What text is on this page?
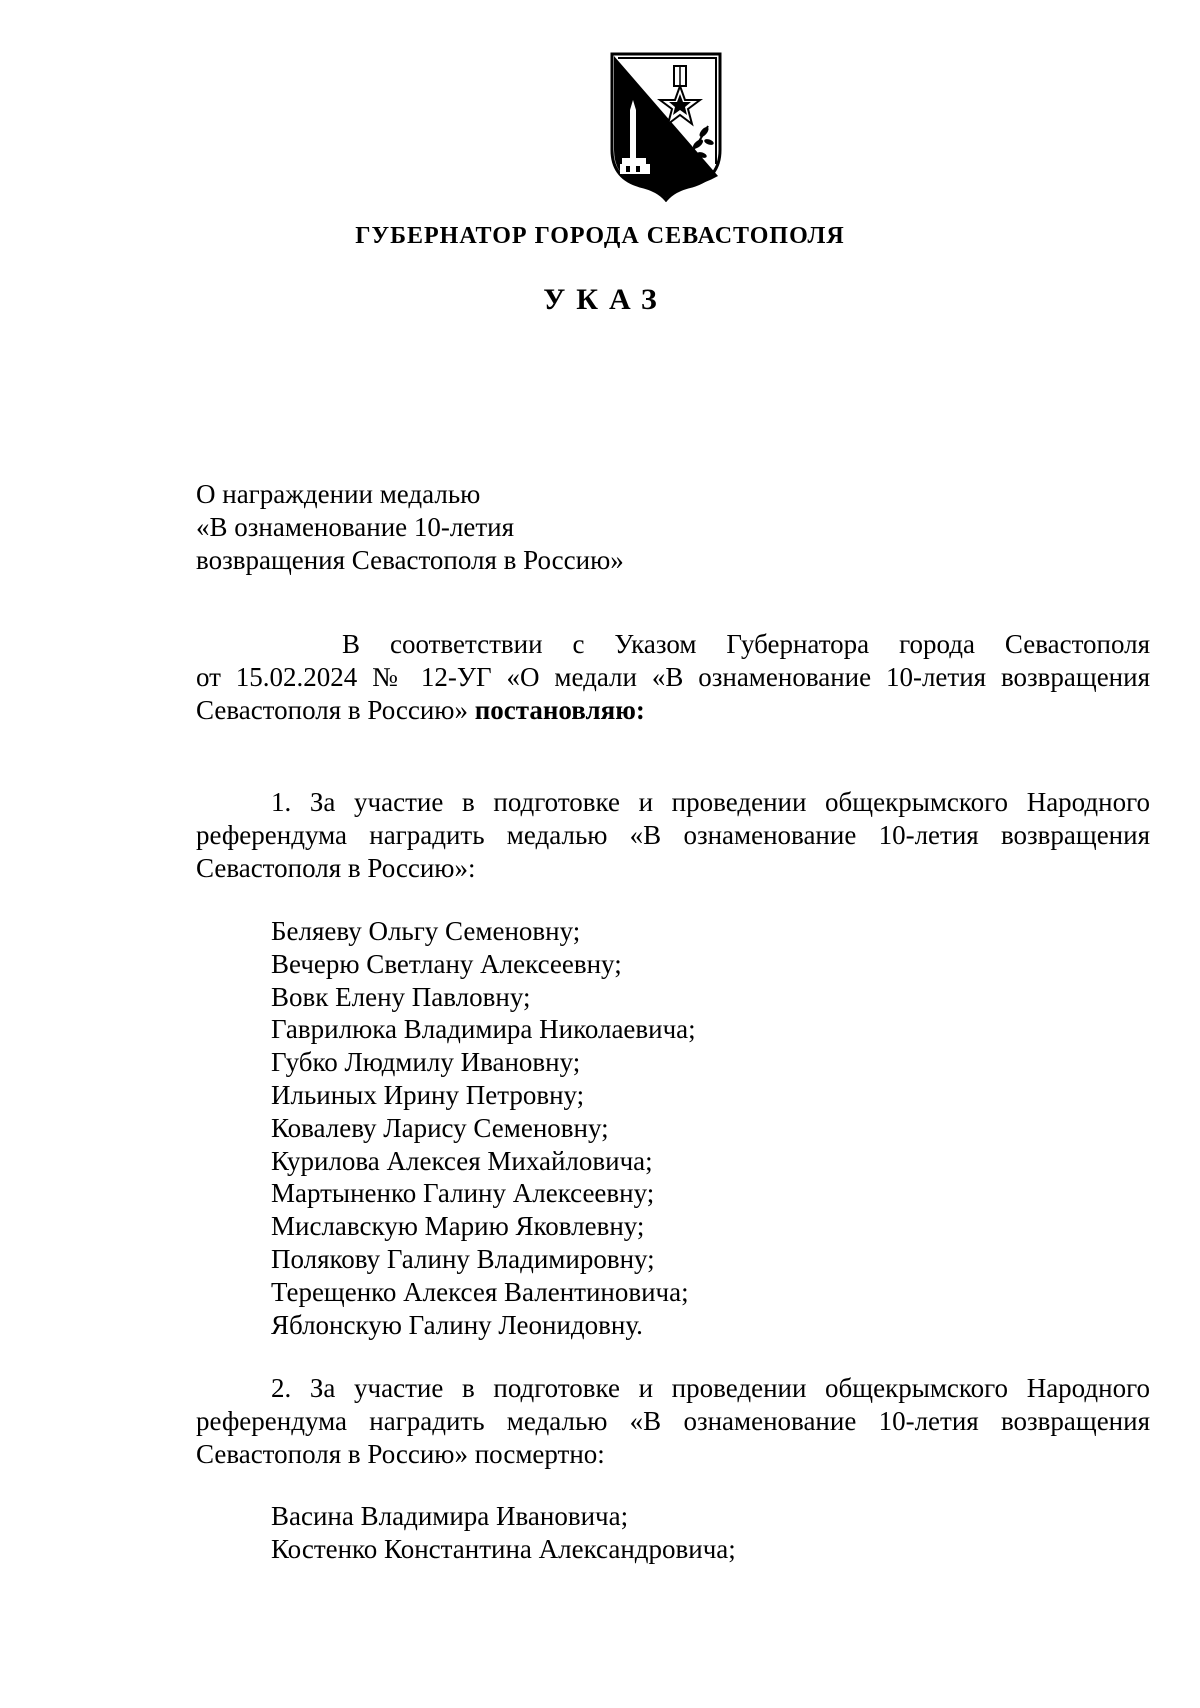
ГУБЕРНАТОР ГОРОДА СЕВАСТОПОЛЯ
УКАЗ
О награждении медалью
«В ознаменование 10-летия
возвращения Севастополя в Россию»
В соответствии с Указом Губернатора города Севастополя
от 15.02.2024 № 12-УГ «О медали «В ознаменование 10-летия возвращения
Севастополя в Россию» постановляю:
1. За участие в подготовке и проведении общекрымского Народного
референдума наградить медалью «В ознаменование 10-летия возвращения
Севастополя в Россию»:
Беляеву Ольгу Семеновну;
Вечерю Светлану Алексеевну;
Вовк Елену Павловну;
Гаврилюка Владимира Николаевича;
Губко Людмилу Ивановну;
Ильиных Ирину Петровну;
Ковалеву Ларису Семеновну;
Курилова Алексея Михайловича;
Мартыненко Галину Алексеевну;
Миславскую Марию Яковлевну;
Полякову Галину Владимировну;
Терещенко Алексея Валентиновича;
Яблонскую Галину Леонидовну.
2. За участие в подготовке и проведении общекрымского Народного
референдума наградить медалью «В ознаменование 10-летия возвращения
Севастополя в Россию» посмертно:
Васина Владимира Ивановича;
Костенко Константина Александровича;
